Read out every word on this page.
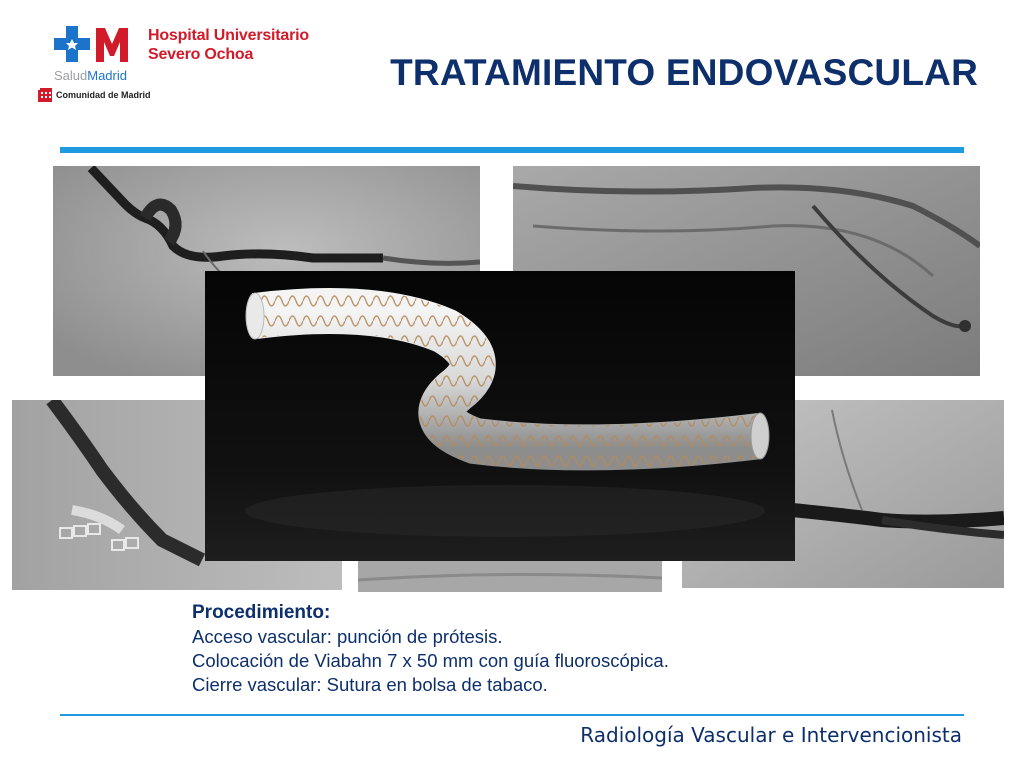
Hospital Universitario
Severo Ochoa
SaludMadrid
Comunidad de Madrid
TRATAMIENTO ENDOVASCULAR

Procedimiento:

Acceso vascular: punción de prótesis.

Colocación de Viabahn 7 x 50 mm con guía fluoroscópica.

Cierre vascular: Sutura en bolsa de tabaco.

Radiología Vascular e Intervencionista
